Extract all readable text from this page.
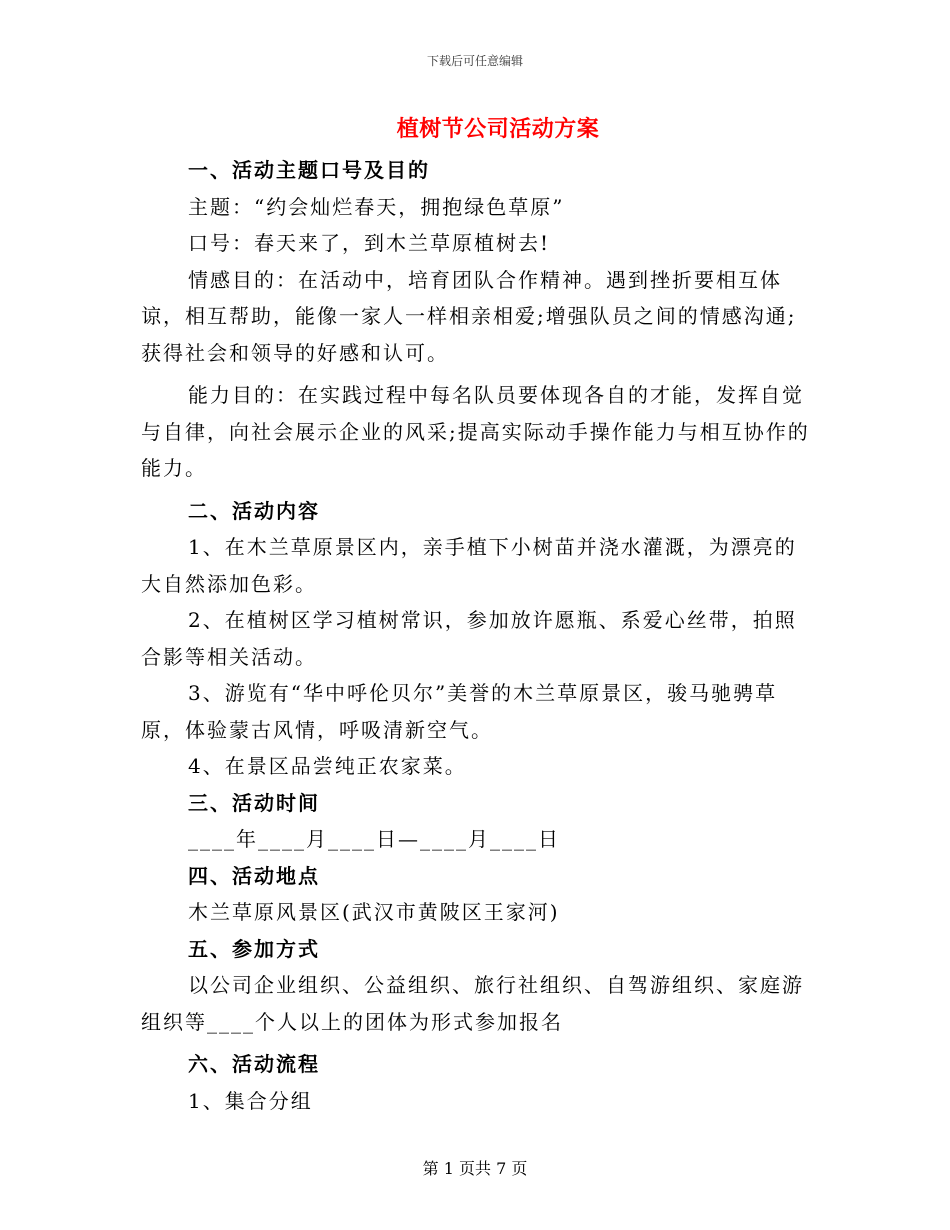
下载后可任意编辑
植树节公司活动方案

一、活动主题口号及目的

主题：“约会灿烂春天，拥抱绿色草原”

口号：春天来了，到木兰草原植树去!

情感目的：在活动中，培育团队合作精神。遇到挫折要相互体谅，相互帮助，能像一家人一样相亲相爱;增强队员之间的情感沟通;获得社会和领导的好感和认可。

能力目的：在实践过程中每名队员要体现各自的才能，发挥自觉与自律，向社会展示企业的风采;提高实际动手操作能力与相互协作的能力。

二、活动内容

1、在木兰草原景区内，亲手植下小树苗并浇水灌溉，为漂亮的大自然添加色彩。

2、在植树区学习植树常识，参加放许愿瓶、系爱心丝带，拍照合影等相关活动。

3、游览有“华中呼伦贝尔”美誉的木兰草原景区，骏马驰骋草原，体验蒙古风情，呼吸清新空气。

4、在景区品尝纯正农家菜。

三、活动时间

____年____月____日—____月____日

四、活动地点

木兰草原风景区(武汉市黄陂区王家河)

五、参加方式

以公司企业组织、公益组织、旅行社组织、自驾游组织、家庭游组织等____个人以上的团体为形式参加报名

六、活动流程

1、集合分组

第 1 页共 7 页
